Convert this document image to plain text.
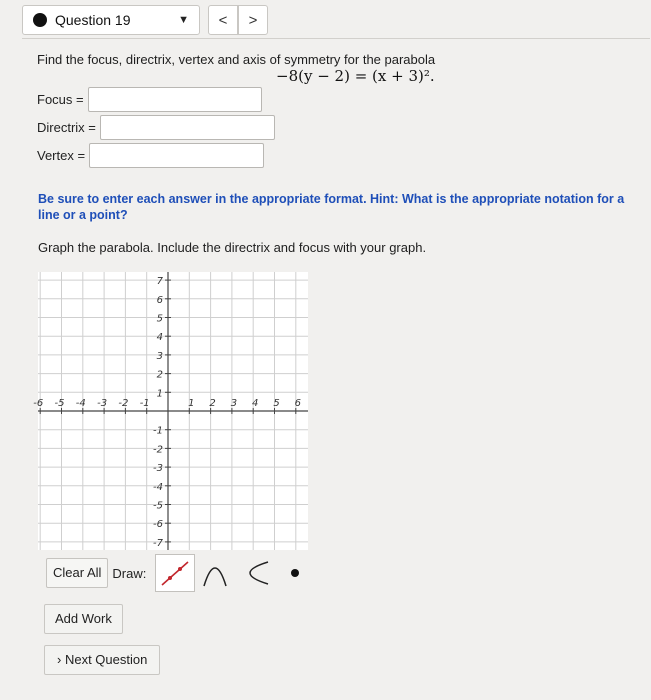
Question 19	▼	<	>
Find the focus, directrix, vertex and axis of symmetry for the parabola
−8(y − 2) = (x + 3)².
Focus =
Directrix =
Vertex =
Be sure to enter each answer in the appropriate format. Hint: What is the appropriate notation for a line or a point?
Graph the parabola. Include the directrix and focus with your graph.
-6 -5 -4 -3 -2 -1	1 2 3 4 5 6
7
6
5
4
3
2
1
-1
-2
-3
-4
-5
-6
-7
Clear All Draw:
Add Work
› Next Question
